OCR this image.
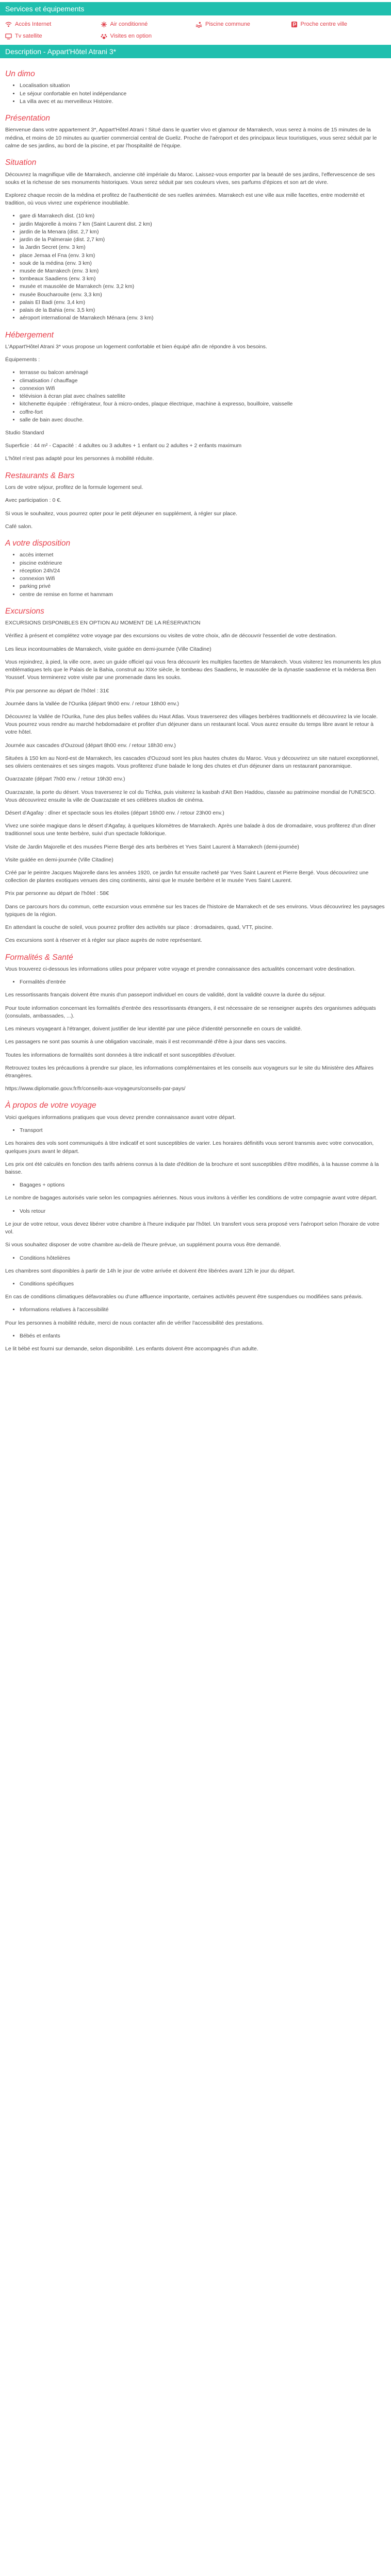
Services et équipements
Accès Internet	Air conditionné	Piscine commune	Proche centre ville
Tv satellite	Visites en option
Description - Appart'Hôtel Atrani 3*
Un dimo
• Localisation situation
• Le séjour confortable en hotel indépendance
• La villa avec et au merveilleux Histoire.
Présentation

Bienvenue dans votre appartement 3*, Appart'Hôtel Atrani ! Situé dans le quartier vivo et glamour de Marrakech, vous serez à moins de 15 minutes de la médina, et moins de 10 minutes au quartier commercial central de Gueliz. Proche de l'aéroport et des principaux lieux touristiques, vous serez séduit par le calme de ses jardins, au bord de la piscine, et par l'hospitalité de l'équipe.

Situation

Découvrez la magnifique ville de Marrakech, ancienne cité impériale du Maroc. Laissez-vous emporter par la beauté de ses jardins, l'effervescence de ses souks et la richesse de ses monuments historiques. Vous serez séduit par ses couleurs vives, ses parfums d'épices et son art de vivre.

Explorez chaque recoin de la médina et profitez de l'authenticité de ses ruelles animées. Marrakech est une ville aux mille facettes, entre modernité et tradition, où vous vivrez une expérience inoubliable.

• gare di Marrakech dist. (10 km)
• jardin Majorelle à moins 7 km (Saint Laurent dist. 2 km)
• jardin de la Menara (dist. 2,7 km)
• jardin de la Palmeraie (dist. 2,7 km)
• la Jardin Secret (env. 3 km)
• place Jemaa el Fna (env. 3 km)
• souk de la médina (env. 3 km)
• musée de Marrakech (env. 3 km)
• tombeaux Saadiens (env. 3 km)
• musée et mausolée de Marrakech (env. 3,2 km)
• musée Boucharouite (env. 3,3 km)
• palais El Badi (env. 3,4 km)
• palais de la Bahia (env. 3,5 km)
• aéroport international de Marrakech Ménara (env. 3 km)
Hébergement

L'Appart'Hôtel Atrani 3* vous propose un logement confortable et bien équipé afin de répondre à vos besoins.

Équipements :

• terrasse ou balcon aménagé
• climatisation / chauffage
• connexion Wifi
• télévision à écran plat avec chaînes satellite
• kitchenette équipée : réfrigérateur, four à micro-ondes, plaque électrique, machine à expresso, bouilloire, vaisselle
• coffre-fort
• salle de bain avec douche.

Studio Standard

Superficie : 44 m² - Capacité : 4 adultes ou 3 adultes + 1 enfant ou 2 adultes + 2 enfants maximum

L'hôtel n'est pas adapté pour les personnes à mobilité réduite.

Restaurants & Bars

Lors de votre séjour, profitez de la formule logement seul.

Avec participation : 0 €.

Si vous le souhaitez, vous pourrez opter pour le petit déjeuner en supplément, à régler sur place.

Café salon.

A votre disposition
• accès internet
• piscine extérieure
• réception 24h/24
• connexion Wifi
• parking privé
• centre de remise en forme et hammam
Excursions

EXCURSIONS DISPONIBLES EN OPTION AU MOMENT DE LA RÉSERVATION

Vérifiez à présent et complétez votre voyage par des excursions ou visites de votre choix, afin de découvrir l'essentiel de votre destination.

Les lieux incontournables de Marrakech, visite guidée en demi-journée (Ville Citadine)

Vous rejoindrez, à pied, la ville ocre, avec un guide officiel qui vous fera découvrir les multiples facettes de Marrakech. Vous visiterez les monuments les plus emblématiques tels que le Palais de la Bahia, construit au XIXe siècle, le tombeau des Saadiens, le mausolée de la dynastie saadienne et la médersa Ben Youssef. Vous terminerez votre visite par une promenade dans les souks.

Prix par personne au départ de l'hôtel : 31€

Journée dans la Vallée de l'Ourika (départ 9h00 env. / retour 18h00 env.)

Découvrez la Vallée de l'Ourika, l'une des plus belles vallées du Haut Atlas. Vous traverserez des villages berbères traditionnels et découvrirez la vie locale. Vous pourrez vous rendre au marché hebdomadaire et profiter d'un déjeuner dans un restaurant local. Vous aurez ensuite du temps libre avant le retour à votre hôtel.

Journée aux cascades d'Ouzoud (départ 8h00 env. / retour 18h30 env.)

Situées à 150 km au Nord-est de Marrakech, les cascades d'Ouzoud sont les plus hautes chutes du Maroc. Vous y découvrirez un site naturel exceptionnel, ses oliviers centenaires et ses singes magots. Vous profiterez d'une balade le long des chutes et d'un déjeuner dans un restaurant panoramique.

Ouarzazate (départ 7h00 env. / retour 19h30 env.)

Ouarzazate, la porte du désert. Vous traverserez le col du Tichka, puis visiterez la kasbah d'Aït Ben Haddou, classée au patrimoine mondial de l'UNESCO. Vous découvrirez ensuite la ville de Ouarzazate et ses célèbres studios de cinéma.

Désert d'Agafay : dîner et spectacle sous les étoiles (départ 16h00 env. / retour 23h00 env.)

Vivez une soirée magique dans le désert d'Agafay, à quelques kilomètres de Marrakech. Après une balade à dos de dromadaire, vous profiterez d'un dîner traditionnel sous une tente berbère, suivi d'un spectacle folklorique.

Visite de Jardin Majorelle et des musées Pierre Bergé des arts berbères et Yves Saint Laurent à Marrakech (demi-journée)

Visite guidée en demi-journée (Ville Citadine)

Créé par le peintre Jacques Majorelle dans les années 1920, ce jardin fut ensuite racheté par Yves Saint Laurent et Pierre Bergé. Vous découvrirez une collection de plantes exotiques venues des cinq continents, ainsi que le musée berbère et le musée Yves Saint Laurent.

Prix par personne au départ de l'hôtel : 58€

Dans ce parcours hors du commun, cette excursion vous emmène sur les traces de l'histoire de Marrakech et de ses environs. Vous découvrirez les paysages typiques de la région.

En attendant la couche de soleil, vous pourrez profiter des activités sur place : dromadaires, quad, VTT, piscine.

Ces excursions sont à réserver et à régler sur place auprès de notre représentant.

Formalités & Santé

Vous trouverez ci-dessous les informations utiles pour préparer votre voyage et prendre connaissance des actualités concernant votre destination.

• Formalités d'entrée

Les ressortissants français doivent être munis d'un passeport individuel en cours de validité, dont la validité couvre la durée du séjour.

Pour toute information concernant les formalités d'entrée des ressortissants étrangers, il est nécessaire de se renseigner auprès des organismes adéquats (consulats, ambassades, ...).

Les mineurs voyageant à l'étranger, doivent justifier de leur identité par une pièce d'identité personnelle en cours de validité.

Les passagers ne sont pas soumis à une obligation vaccinale, mais il est recommandé d'être à jour dans ses vaccins.

Toutes les informations de formalités sont données à titre indicatif et sont susceptibles d'évoluer.

Retrouvez toutes les précautions à prendre sur place, les informations complémentaires et les conseils aux voyageurs sur le site du Ministère des Affaires étrangères.

https://www.diplomatie.gouv.fr/fr/conseils-aux-voyageurs/conseils-par-pays/

À propos de votre voyage

Voici quelques informations pratiques que vous devez prendre connaissance avant votre départ.

• Transport

Les horaires des vols sont communiqués à titre indicatif et sont susceptibles de varier. Les horaires définitifs vous seront transmis avec votre convocation, quelques jours avant le départ.

Les prix ont été calculés en fonction des tarifs aériens connus à la date d'édition de la brochure et sont susceptibles d'être modifiés, à la hausse comme à la baisse.

• Bagages + options

Le nombre de bagages autorisés varie selon les compagnies aériennes. Nous vous invitons à vérifier les conditions de votre compagnie avant votre départ.

• Vols retour

Le jour de votre retour, vous devez libérer votre chambre à l'heure indiquée par l'hôtel. Un transfert vous sera proposé vers l'aéroport selon l'horaire de votre vol.

Si vous souhaitez disposer de votre chambre au-delà de l'heure prévue, un supplément pourra vous être demandé.

• Conditions hôtelières

Les chambres sont disponibles à partir de 14h le jour de votre arrivée et doivent être libérées avant 12h le jour du départ.

• Conditions spécifiques

En cas de conditions climatiques défavorables ou d'une affluence importante, certaines activités peuvent être suspendues ou modifiées sans préavis.

• Informations relatives à l'accessibilité

Pour les personnes à mobilité réduite, merci de nous contacter afin de vérifier l'accessibilité des prestations.

• Bébés et enfants

Le lit bébé est fourni sur demande, selon disponibilité. Les enfants doivent être accompagnés d'un adulte.
